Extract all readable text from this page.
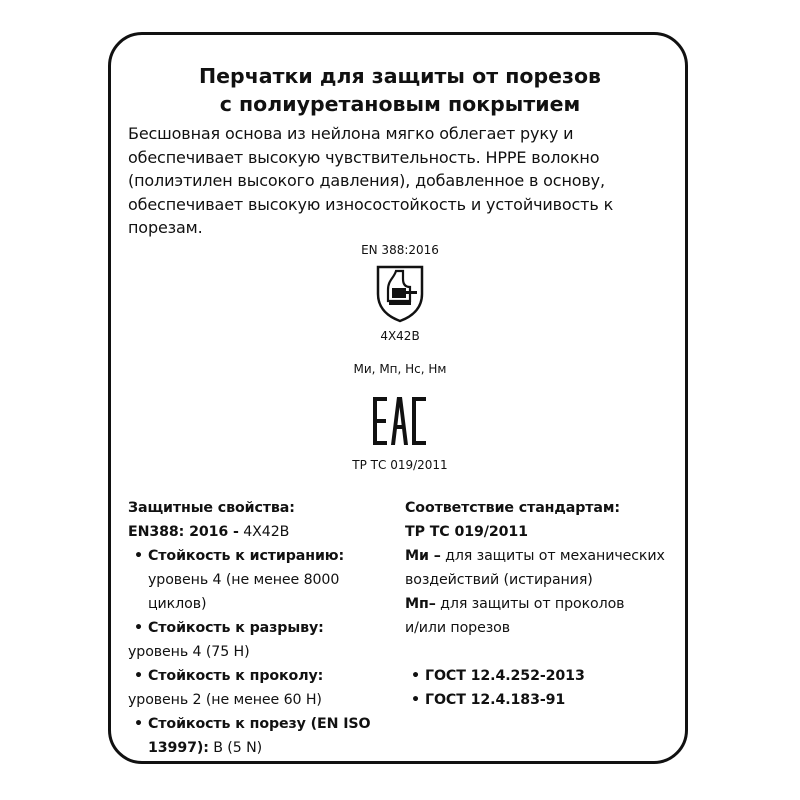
Перчатки для защиты от порезов
с полиуретановым покрытием
Бесшовная основа из нейлона мягко облегает руку и
обеспечивает высокую чувствительность. HPPE волокно
(полиэтилен высокого давления), добавленное в основу,
обеспечивает высокую износостойкость и устойчивость к
порезам.
EN 388:2016
4X42B
Ми, Мп, Нс, Нм
ТР ТС 019/2011
Защитные свойства:
EN388: 2016 - 4X42B
• Стойкость к истиранию:
уровень 4 (не менее 8000
циклов)
• Стойкость к разрыву:
уровень 4 (75 Н)
• Стойкость к проколу:
уровень 2 (не менее 60 Н)
• Стойкость к порезу (EN ISO
13997): В (5 N)
Соответствие стандартам:
ТР ТС 019/2011
Ми – для защиты от механических
воздействий (истирания)
Мп– для защиты от проколов
и/или порезов
• ГОСТ 12.4.252-2013
• ГОСТ 12.4.183-91
